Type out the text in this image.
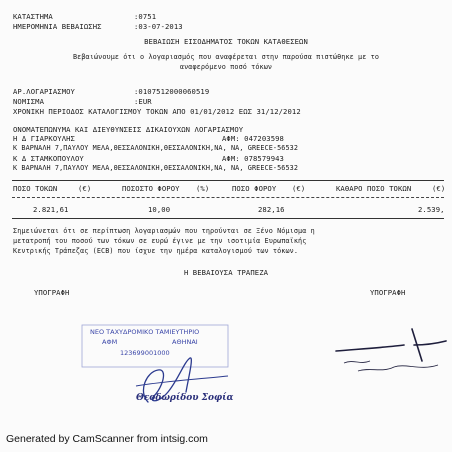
ΚΑΤΑΣΤΗΜΑ	:0751
ΗΜΕΡΟΜΗΝΙΑ ΒΕΒΑΙΩΣΗΣ	:03-07-2013
ΒΕΒΑΙΩΣΗ ΕΙΣΟΔΗΜΑΤΟΣ ΤΟΚΩΝ ΚΑΤΑΘΕΣΕΩΝ
Βεβαιώνουμε ότι ο λογαριασμός που αναφέρεται στην παρούσα πιστώθηκε με το
αναφερόμενο ποσό τόκων
ΑΡ.ΛΟΓΑΡΙΑΣΜΟΥ	:0107512000060519
ΝΟΜΙΣΜΑ	:EUR
ΧΡΟΝΙΚΗ ΠΕΡΙΟΔΟΣ ΚΑΤΑΛΟΓΙΣΜΟΥ ΤΟΚΩΝ ΑΠΟ 01/01/2012 ΕΩΣ 31/12/2012
ΟΝΟΜΑΤΕΠΩΝΥΜΑ ΚΑΙ ΔΙΕΥΘΥΝΣΕΙΣ ΔΙΚΑΙΟΥΧΩΝ ΛΟΓΑΡΙΑΣΜΟΥ
Η Δ ΓΙΑΡΚΟΥΛΗΣ	ΑΦΜ: 047203598
Κ ΒΑΡΝΑΛΗ 7,ΠΑΥΛΟΥ ΜΕΛΑ,ΘΕΣΣΑΛΟΝΙΚΗ,ΘΕΣΣΑΛΟΝΙΚΗ,NA, NA, GREECE-56532
Κ Δ ΣΤΑΜΚΟΠΟΥΛΟΥ	ΑΦΜ: 078579943
Κ ΒΑΡΝΑΛΗ 7,ΠΑΥΛΟΥ ΜΕΛΑ,ΘΕΣΣΑΛΟΝΙΚΗ,ΘΕΣΣΑΛΟΝΙΚΗ,NA, NA, GREECE-56532
ΠΟΣΟ ΤΟΚΩΝ	(€)	ΠΟΣΟΣΤΟ ΦΟΡΟΥ (%)	ΠΟΣΟ ΦΟΡΟΥ (€)	ΚΑΘΑΡΟ ΠΟΣΟ ΤΟΚΩΝ	(€)
2.821,61	10,00	282,16	2.539,
Σημειώνεται ότι σε περίπτωση λογαριασμών που τηρούνται σε Ξένο Νόμισμα η
μετατροπή του ποσού των τόκων σε ευρώ έγινε με την ισοτιμία Ευρωπαϊκής
Κεντρικής Τράπεζας (ECB) που ίσχυε την ημέρα καταλογισμού των τόκων.
Η ΒΕΒΑΙΟΥΣΑ ΤΡΑΠΕΖΑ
ΥΠΟΓΡΑΦΗ	ΥΠΟΓΡΑΦΗ
ΝΕΟ ΤΑΧΥΔΡΟΜΙΚΟ ΤΑΜΙΕΥΤΗΡΙΟ
ΑΦΜ	ΑΘΗΝΑΙ
123699001000
Θεοδωρίδου Σοφία
Generated by CamScanner from intsig.com
